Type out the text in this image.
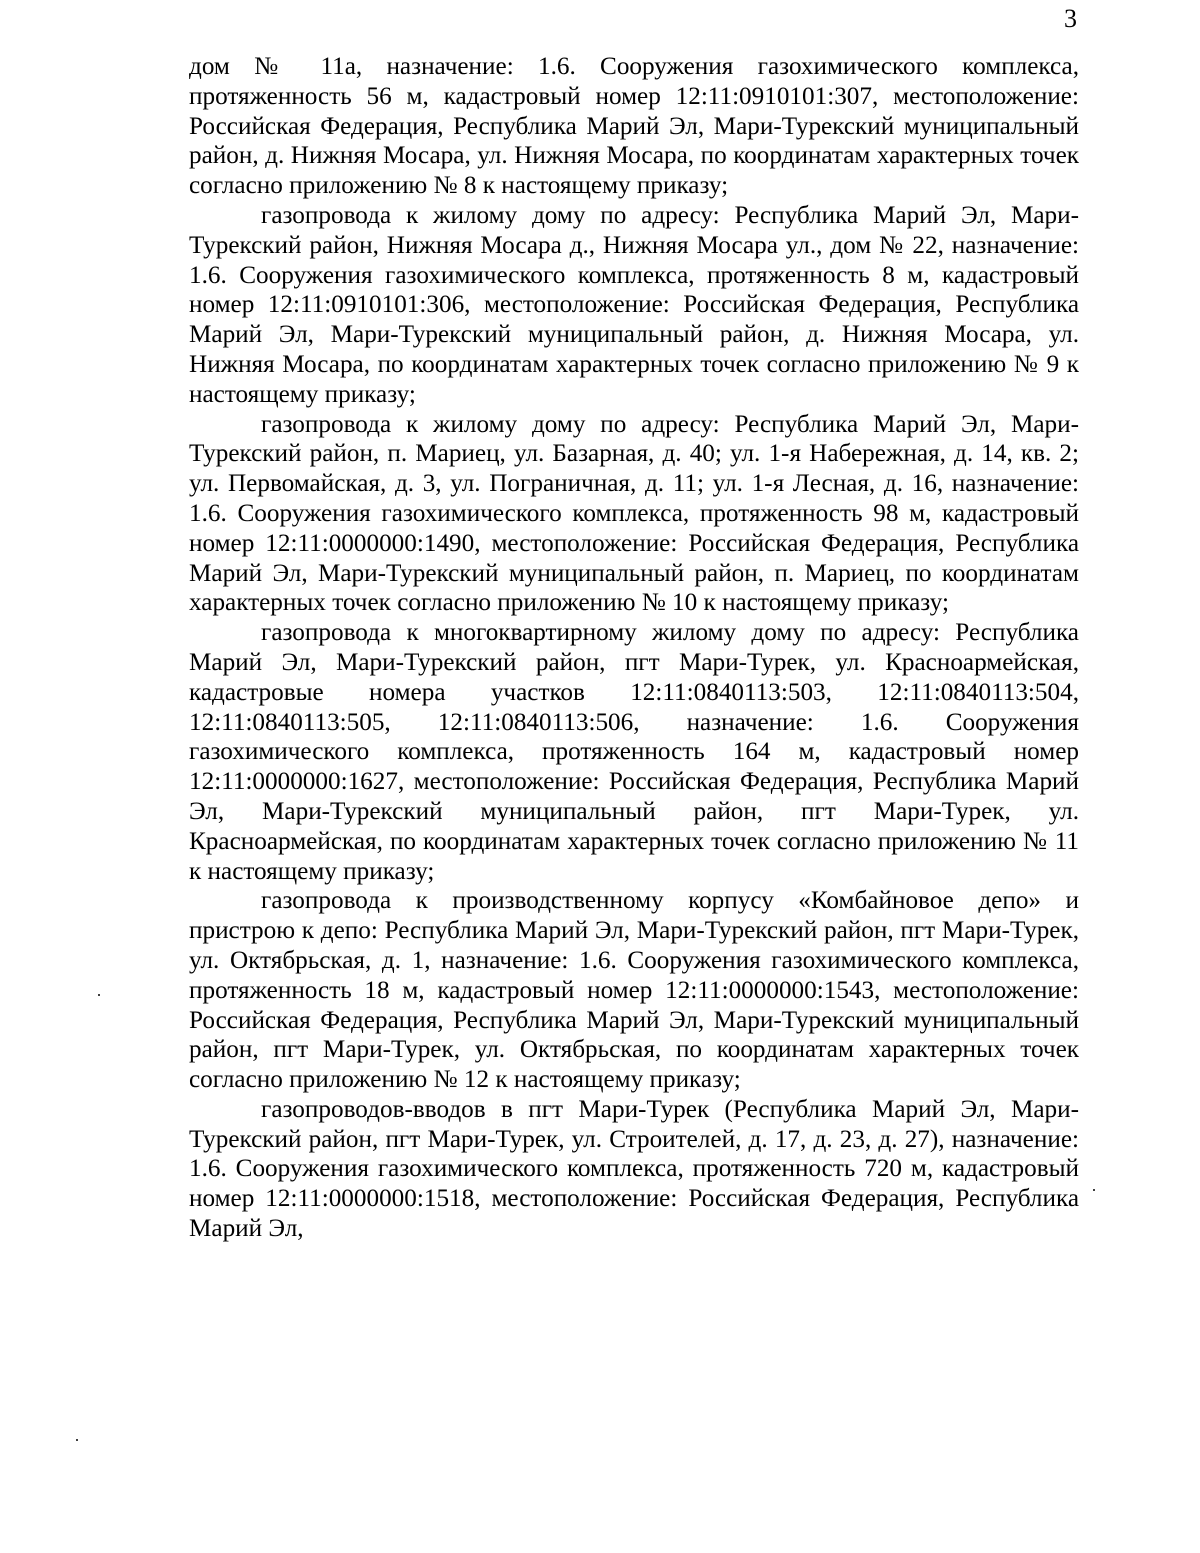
3

дом № 11а, назначение: 1.6. Сооружения газохимического комплекса, протяженность 56 м, кадастровый номер 12:11:0910101:307, местоположение: Российская Федерация, Республика Марий Эл, Мари-Турекский муниципальный район, д. Нижняя Мосара, ул. Нижняя Мосара, по координатам характерных точек согласно приложению № 8 к настоящему приказу;

газопровода к жилому дому по адресу: Республика Марий Эл, Мари-Турекский район, Нижняя Мосара д., Нижняя Мосара ул., дом № 22, назначение: 1.6. Сооружения газохимического комплекса, протяженность 8 м, кадастровый номер 12:11:0910101:306, местоположение: Российская Федерация, Республика Марий Эл, Мари-Турекский муниципальный район, д. Нижняя Мосара, ул. Нижняя Мосара, по координатам характерных точек согласно приложению № 9 к настоящему приказу;

газопровода к жилому дому по адресу: Республика Марий Эл, Мари-Турекский район, п. Мариец, ул. Базарная, д. 40; ул. 1-я Набережная, д. 14, кв. 2; ул. Первомайская, д. 3, ул. Пограничная, д. 11; ул. 1-я Лесная, д. 16, назначение: 1.6. Сооружения газохимического комплекса, протяженность 98 м, кадастровый номер 12:11:0000000:1490, местоположение: Российская Федерация, Республика Марий Эл, Мари-Турекский муниципальный район, п. Мариец, по координатам характерных точек согласно приложению № 10 к настоящему приказу;

газопровода к многоквартирному жилому дому по адресу: Республика Марий Эл, Мари-Турекский район, пгт Мари-Турек, ул. Красноармейская, кадастровые номера участков 12:11:0840113:503, 12:11:0840113:504, 12:11:0840113:505, 12:11:0840113:506, назначение: 1.6. Сооружения газохимического комплекса, протяженность 164 м, кадастровый номер 12:11:0000000:1627, местоположение: Российская Федерация, Республика Марий Эл, Мари-Турекский муниципальный район, пгт Мари-Турек, ул. Красноармейская, по координатам характерных точек согласно приложению № 11 к настоящему приказу;

газопровода к производственному корпусу «Комбайновое депо» и пристрою к депо: Республика Марий Эл, Мари-Турекский район, пгт Мари-Турек, ул. Октябрьская, д. 1, назначение: 1.6. Сооружения газохимического комплекса, протяженность 18 м, кадастровый номер 12:11:0000000:1543, местоположение: Российская Федерация, Республика Марий Эл, Мари-Турекский муниципальный район, пгт Мари-Турек, ул. Октябрьская, по координатам характерных точек согласно приложению № 12 к настоящему приказу;

газопроводов-вводов в пгт Мари-Турек (Республика Марий Эл, Мари-Турекский район, пгт Мари-Турек, ул. Строителей, д. 17, д. 23, д. 27), назначение: 1.6. Сооружения газохимического комплекса, протяженность 720 м, кадастровый номер 12:11:0000000:1518, местоположение: Российская Федерация, Республика Марий Эл,
